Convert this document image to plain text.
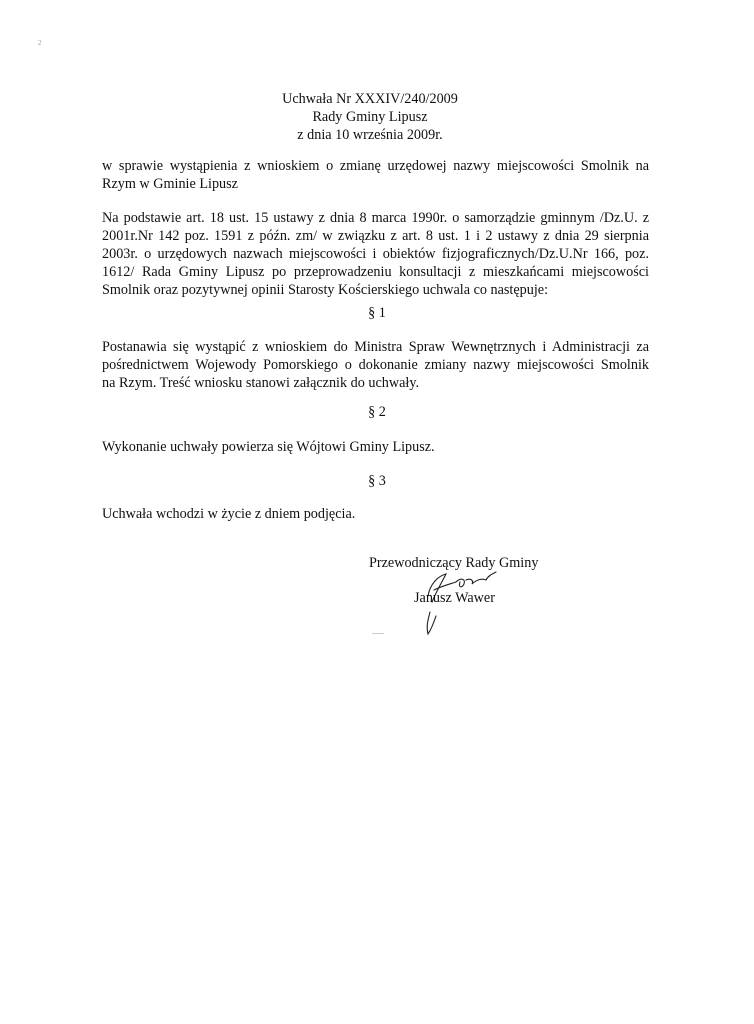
2
Uchwała Nr XXXIV/240/2009
Rady Gminy Lipusz
z dnia 10 września 2009r.
w sprawie wystąpienia z wnioskiem o zmianę urzędowej nazwy miejscowości Smolnik na
Rzym w Gminie Lipusz
Na podstawie art. 18 ust. 15 ustawy z dnia 8 marca 1990r. o samorządzie gminnym /Dz.U. z
2001r.Nr 142 poz. 1591 z późn. zm/ w związku z art. 8 ust. 1 i 2 ustawy z dnia 29 sierpnia
2003r. o urzędowych nazwach miejscowości i obiektów fizjograficznych/Dz.U.Nr 166, poz.
1612/ Rada Gminy Lipusz po przeprowadzeniu konsultacji z mieszkańcami miejscowości
Smolnik oraz pozytywnej opinii Starosty Kościerskiego uchwala co następuje:
§ 1
Postanawia się wystąpić z wnioskiem do Ministra Spraw Wewnętrznych i Administracji za
pośrednictwem Wojewody Pomorskiego o dokonanie zmiany nazwy miejscowości Smolnik
na Rzym. Treść wniosku stanowi załącznik do uchwały.
§ 2
Wykonanie uchwały powierza się Wójtowi Gminy Lipusz.
§ 3
Uchwała wchodzi w życie z dniem podjęcia.
Przewodniczący Rady Gminy
Janusz Wawer
